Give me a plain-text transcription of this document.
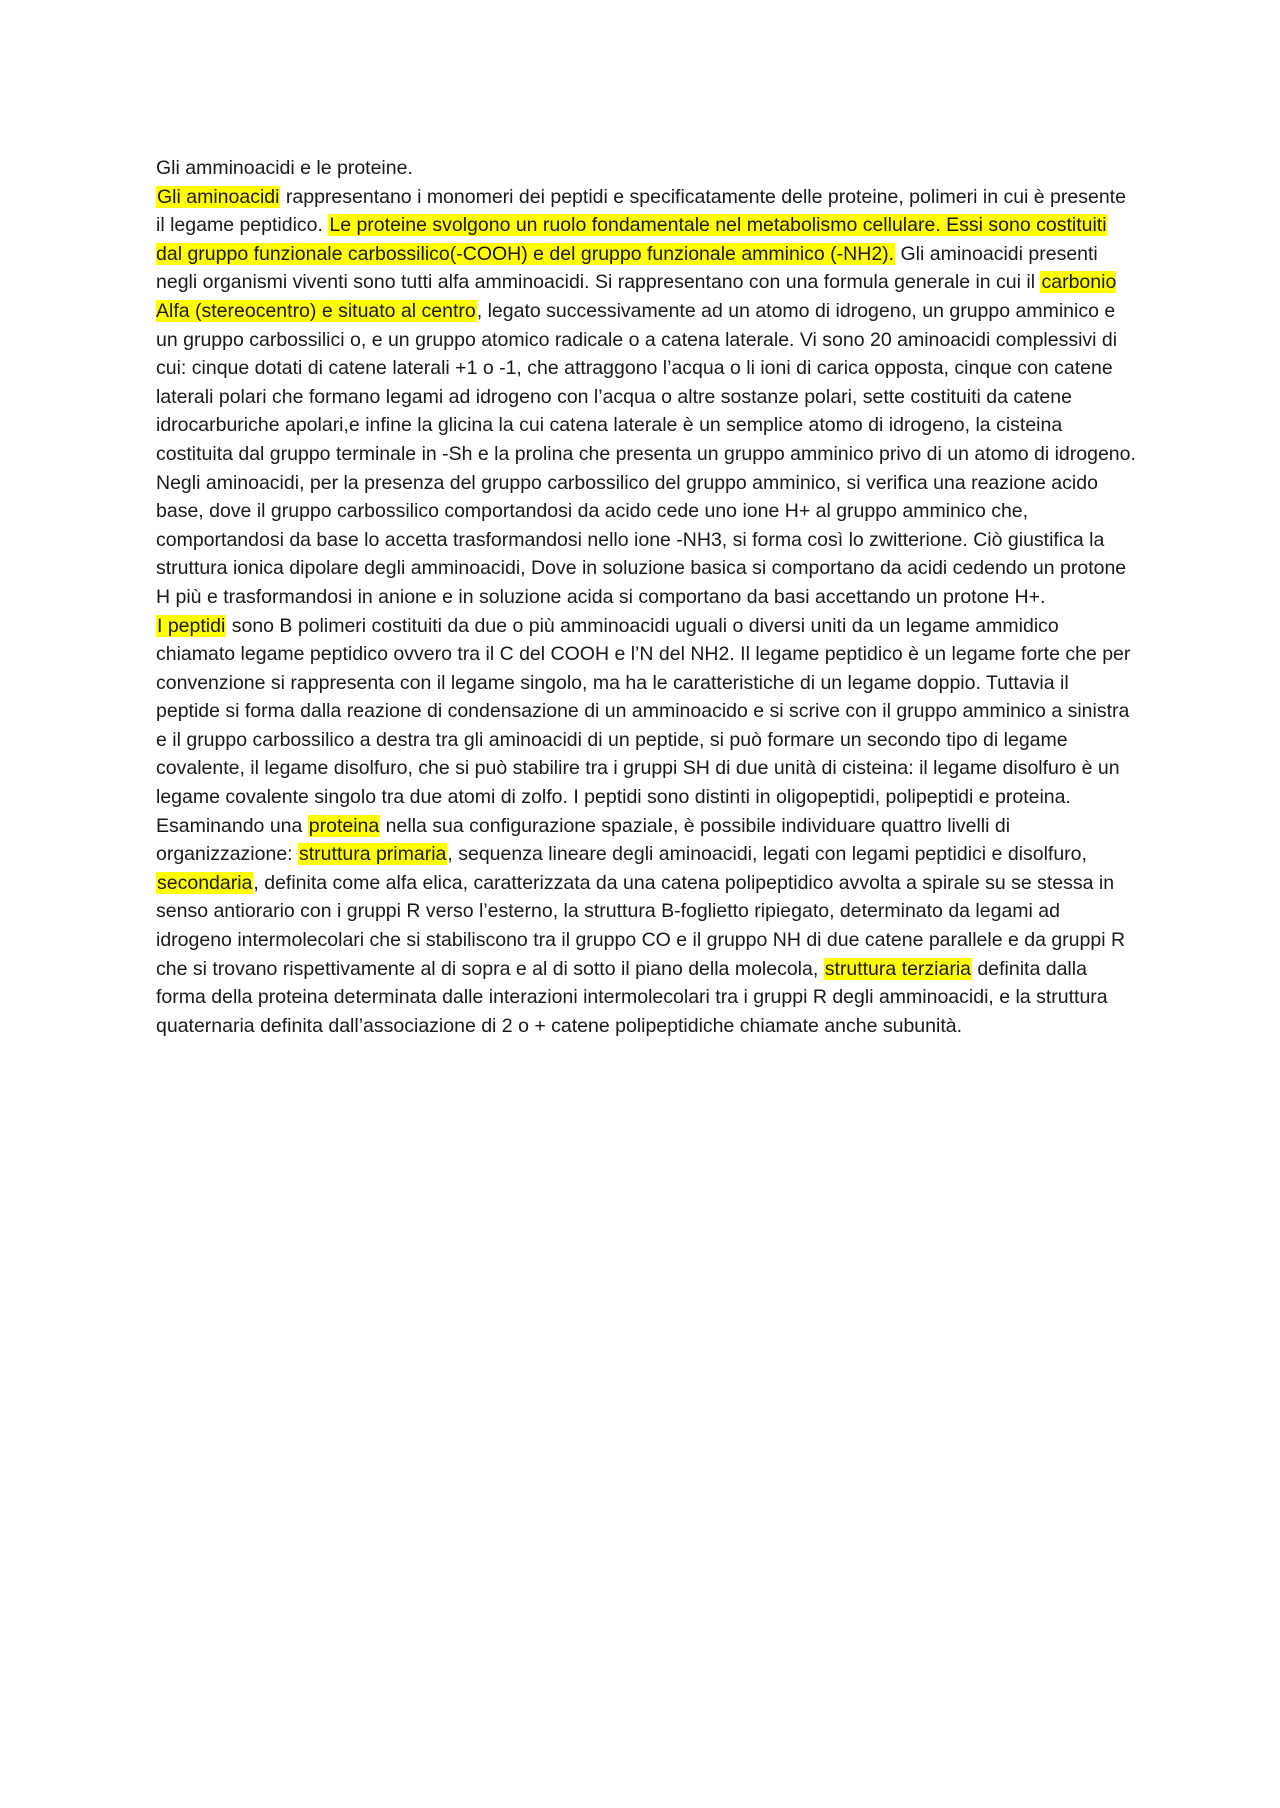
Gli amminoacidi e le proteine.

Gli aminoacidi rappresentano i monomeri dei peptidi e specificatamente delle proteine, polimeri in cui è presente il legame peptidico. Le proteine svolgono un ruolo fondamentale nel metabolismo cellulare. Essi sono costituiti dal gruppo funzionale carbossilico(-COOH) e del gruppo funzionale amminico (-NH2). Gli aminoacidi presenti negli organismi viventi sono tutti alfa amminoacidi. Si rappresentano con una formula generale in cui il carbonio Alfa (stereocentro) e situato al centro, legato successivamente ad un atomo di idrogeno, un gruppo amminico e un gruppo carbossilici o, e un gruppo atomico radicale o a catena laterale. Vi sono 20 aminoacidi complessivi di cui: cinque dotati di catene laterali +1 o -1, che attraggono l’acqua o li ioni di carica opposta, cinque con catene laterali polari che formano legami ad idrogeno con l’acqua o altre sostanze polari, sette costituiti da catene idrocarburiche apolari,e infine la glicina la cui catena laterale è un semplice atomo di idrogeno, la cisteina costituita dal gruppo terminale in -Sh e la prolina che presenta un gruppo amminico privo di un atomo di idrogeno. Negli aminoacidi, per la presenza del gruppo carbossilico del gruppo amminico, si verifica una reazione acido base, dove il gruppo carbossilico comportandosi da acido cede uno ione H+ al gruppo amminico che, comportandosi da base lo accetta trasformandosi nello ione -NH3, si forma così lo zwitterione. Ciò giustifica la struttura ionica dipolare degli amminoacidi, Dove in soluzione basica si comportano da acidi cedendo un protone H più e trasformandosi in anione e in soluzione acida si comportano da basi accettando un protone H+.

I peptidi sono B polimeri costituiti da due o più amminoacidi uguali o diversi uniti da un legame ammidico chiamato legame peptidico ovvero tra il C del COOH e l’N del NH2. Il legame peptidico è un legame forte che per convenzione si rappresenta con il legame singolo, ma ha le caratteristiche di un legame doppio. Tuttavia il peptide si forma dalla reazione di condensazione di un amminoacido e si scrive con il gruppo amminico a sinistra e il gruppo carbossilico a destra tra gli aminoacidi di un peptide, si può formare un secondo tipo di legame covalente, il legame disolfuro, che si può stabilire tra i gruppi SH di due unità di cisteina: il legame disolfuro è un legame covalente singolo tra due atomi di zolfo. I peptidi sono distinti in oligopeptidi, polipeptidi e proteina. Esaminando una proteina nella sua configurazione spaziale, è possibile individuare quattro livelli di organizzazione: struttura primaria, sequenza lineare degli aminoacidi, legati con legami peptidici e disolfuro, secondaria, definita come alfa elica, caratterizzata da una catena polipeptidico avvolta a spirale su se stessa in senso antiorario con i gruppi R verso l’esterno, la struttura B-foglietto ripiegato, determinato da legami ad idrogeno intermolecolari che si stabiliscono tra il gruppo CO e il gruppo NH di due catene parallele e da gruppi R che si trovano rispettivamente al di sopra e al di sotto il piano della molecola, struttura terziaria definita dalla forma della proteina determinata dalle interazioni intermolecolari tra i gruppi R degli amminoacidi, e la struttura quaternaria definita dall’associazione di 2 o + catene polipeptidiche chiamate anche subunità.
